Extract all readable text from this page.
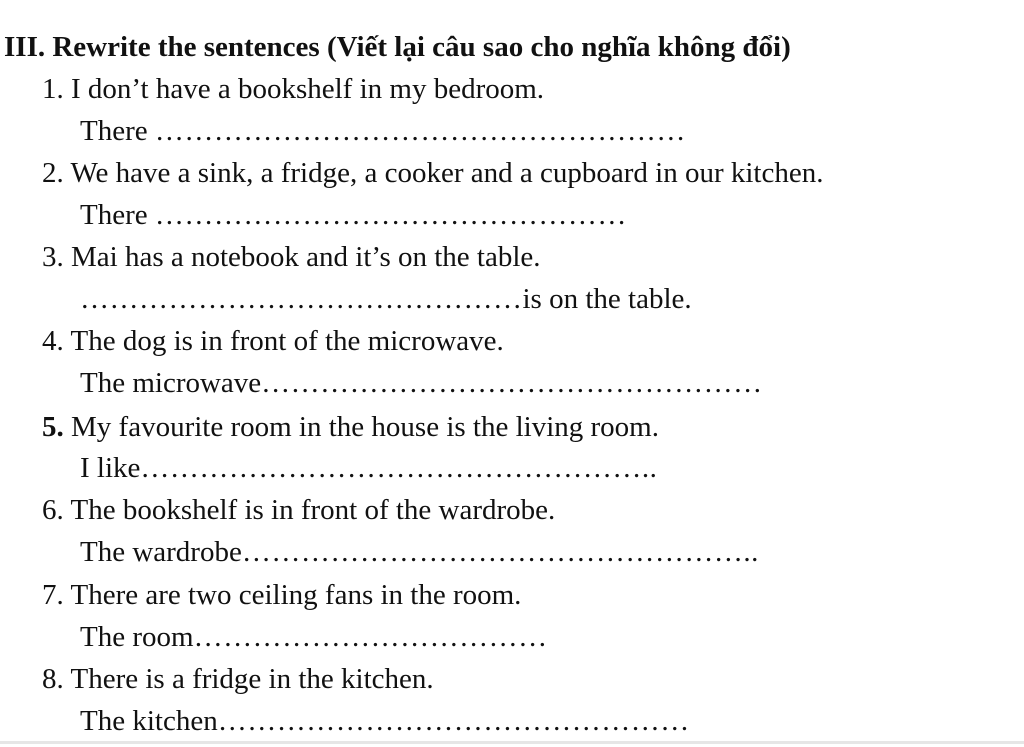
III. Rewrite the sentences (Viết lại câu sao cho nghĩa không đổi)
1. I don’t have a bookshelf in my bedroom.
There ………………………………………………
2. We have a sink, a fridge, a cooker and a cupboard in our kitchen.
There …………………………………………
3. Mai has a notebook and it’s on the table.
………………………………………is on the table.
4. The dog is in front of the microwave.
The microwave……………………………………………
5. My favourite room in the house is the living room.
I like……………………………………………..
6. The bookshelf is in front of the wardrobe.
The wardrobe……………………………………………..
7. There are two ceiling fans in the room.
The room………………………………
8. There is a fridge in the kitchen.
The kitchen…………………………………………
